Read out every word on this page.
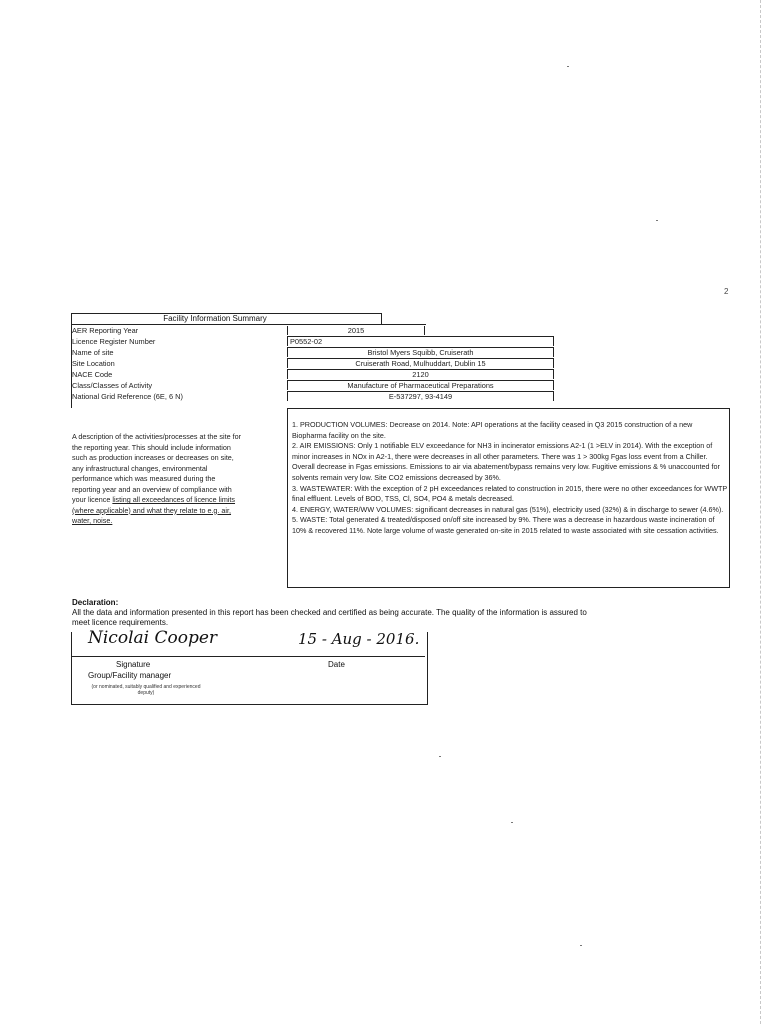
2
Facility Information Summary
AER Reporting Year	2015
Licence Register Number	P0552-02
Name of site	Bristol Myers Squibb, Cruiserath
Site Location	Cruiserath Road, Mulhuddart, Dublin 15
NACE Code	2120
Class/Classes of Activity	Manufacture of Pharmaceutical Preparations
National Grid Reference (6E, 6 N)	E-537297, 93-4149
A description of the activities/processes at the site for the reporting year. This should include information such as production increases or decreases on site, any infrastructural changes, environmental performance which was measured during the reporting year and an overview of compliance with your licence listing all exceedances of licence limits (where applicable) and what they relate to e.g. air, water, noise.

1. PRODUCTION VOLUMES: Decrease on 2014. Note: API operations at the facility ceased in Q3 2015 construction of a new Biopharma facility on the site.

2. AIR EMISSIONS: Only 1 notifiable ELV exceedance for NH3 in incinerator emissions A2-1 (1 >ELV in 2014). With the exception of minor increases in NOx in A2-1, there were decreases in all other parameters. There was 1 > 300kg Fgas loss event from a Chiller. Overall decrease in Fgas emissions. Emissions to air via abatement/bypass remains very low. Fugitive emissions & % unaccounted for solvents remain very low. Site CO2 emissions decreased by 36%.

3. WASTEWATER: With the exception of 2 pH exceedances related to construction in 2015, there were no other exceedances for WWTP final effluent. Levels of BOD, TSS, Cl, SO4, PO4 & metals decreased.

4. ENERGY, WATER/WW VOLUMES: significant decreases in natural gas (51%), electricity used (32%) & in discharge to sewer (4.6%).

5. WASTE: Total generated & treated/disposed on/off site increased by 9%. There was a decrease in hazardous waste incineration of 10% & recovered 11%. Note large volume of waste generated on-site in 2015 related to waste associated with site cessation activities.

Declaration:
All the data and information presented in this report has been checked and certified as being accurate. The quality of the information is assured to meet licence requirements.
Nicolai Cooper	15 - Aug - 2016.
Signature
Group/Facility manager
(or nominated, suitably qualified and experienced deputy)
Date
